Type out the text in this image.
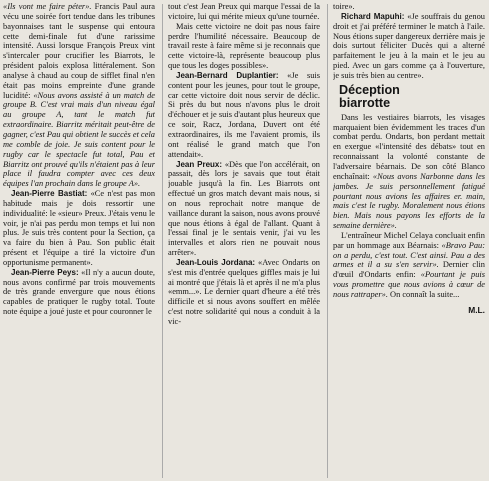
«Ils vont me faire péter». Francis Paul aura vécu une soirée fort tendue dans les tribunes bayonnaises tant le suspense qui entoura cette demi-finale fut d'une rarissime intensité. Aussi lorsque François Preux vint s'intercaler pour crucifier les Biarrots, le président palois explosa littéralement. Son analyse à chaud au coup de sifflet final n'en était pas moins empreinte d'une grande lucidité: «Nous avons assisté à un match de groupe B. C'est vrai mais d'un niveau égal au groupe A, tant le match fut extraordinaire. Biarritz méritait peut-être de gagner, c'est Pau qui obtient le succès et cela me comble de joie. Je suis content pour le rugby car le spectacle fut total, Pau et Biarritz ont prouvé qu'ils n'étaient pas à leur place il faudra compter avec ces deux équipes l'an prochain dans le groupe A».

Jean-Pierre Bastiat: «Ce n'est pas mon habitude mais je dois ressortir une individualité: le «sieur» Preux. J'étais venu le voir, je n'ai pas perdu mon temps et lui non plus. Je suis très content pour la Section, ça va faire du bien à Pau. Son public était présent et l'équipe a tiré la victoire d'un opportunisme permanent».

Jean-Pierre Peys: «Il n'y a aucun doute, nous avons confirmé par trois mouvements de très grande envergure que nous étions capables de pratiquer le rugby total. Toute note équipe a joué juste et pour couronner le

tout c'est Jean Preux qui marque l'essai de la victoire, lui qui mérite mieux qu'une tournée.

Mais cette victoire ne doit pas nous faire perdre l'humilité nécessaire. Beaucoup de travail reste à faire même si je reconnais que cette victoire-là, représente beaucoup plus que tous les doges possibles».

Jean-Bernard Duplantier: «Je suis content pour les jeunes, pour tout le groupe, car cette victoire doit nous servir de déclic. Si près du but nous n'avons plus le droit d'échouer et je suis d'autant plus heureux que ce soir, Racz, Jordana, Duvert ont été extraordinaires, ils me l'avaient promis, ils ont réalisé le grand match que l'on attendait».

Jean Preux: «Dès que l'on accélérait, on passait, dès lors je savais que tout était jouable jusqu'à la fin. Les Biarrots ont effectué un gros match devant mais nous, si on nous reprochait notre manque de vaillance durant la saison, nous avons prouvé que nous étions à égal de l'allant. Quant à l'essai final je le sentais venir, j'ai vu les intervalles et alors rien ne pouvait nous arrêter».

Jean-Louis Jordana: «Avec Ondarts on s'est mis d'entrée quelques giffles mais je lui ai montré que j'étais là et après il ne m'a plus «emm...». Le dernier quart d'heure a été très difficile et si nous avons souffert en mêlée c'est notre solidarité qui nous a conduit à la vic-

toire».

Richard Mapuhi: «Je souffrais du genou droit et j'ai préféré terminer le match à l'aile. Nous étions super dangereux derrière mais je dois surtout féliciter Ducès qui a alterné parfaitement le jeu à la main et le jeu au pied. Avec un gars comme ça à l'ouverture, je suis très bien au centre».

Déception
biarrotte

Dans les vestiaires biarrots, les visages marquaient bien évidemment les traces d'un combat perdu. Ondarts, bon perdant mettait en exergue «l'intensité des débats» tout en reconnaissant la volonté constante de l'adversaire béarnais. De son côté Blanco enchaînait: «Nous avons Narbonne dans les jambes. Je suis personnellement fatigué pourtant nous avions les affaires er. main, mais c'est le rugby. Moralement nous étions bien. Mais nous payons les efforts de la semaine dernière».

L'entraîneur Michel Celaya concluait enfin par un hommage aux Béarnais: «Bravo Pau: on a perdu, c'est tout. C'est ainsi. Pau a des armes et il a su s'en servir». Dernier clin d'œuil d'Ondarts enfin: «Pourtant je puis vous promettre que nous avions à cœur de nous rattraper». On connaît la suite...

M.L.
